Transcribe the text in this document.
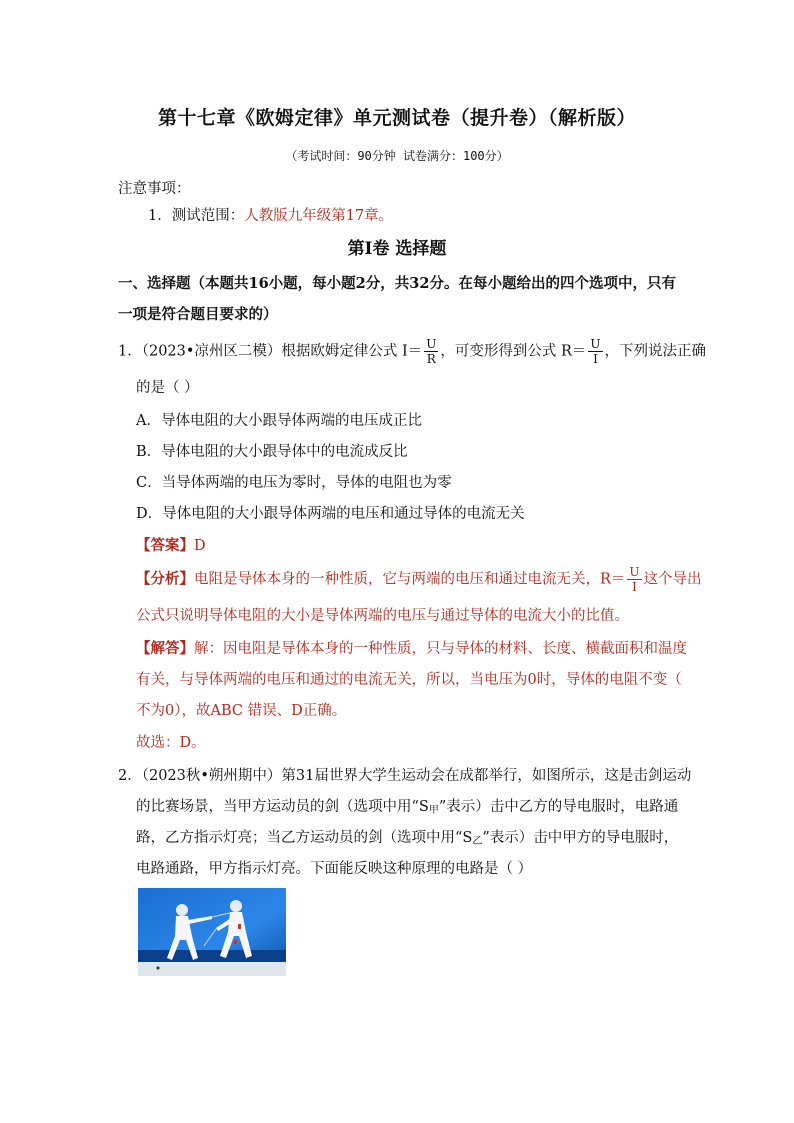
第十七章《欧姆定律》单元测试卷（提升卷）（解析版）
（考试时间：90分钟 试卷满分：100分）
注意事项：
1．测试范围：人教版九年级第17章。
第Ⅰ卷 选择题
一、选择题（本题共16小题，每小题2分，共32分。在每小题给出的四个选项中，只有
一项是符合题目要求的）
1．（2023•凉州区二模）根据欧姆定律公式 $I= \frac{U}{R}$ ，可变形得到公式 $R= \frac{U}{I}$ ，下列说法正确
的是（ ）
A．导体电阻的大小跟导体两端的电压成正比
B．导体电阻的大小跟导体中的电流成反比
C．当导体两端的电压为零时，导体的电阻也为零
D．导体电阻的大小跟导体两端的电压和通过导体的电流无关
【答案】D
【分析】电阻是导体本身的一种性质，它与两端的电压和通过电流无关，$R= \frac{U}{I}$ 这个导出
公式只说明导体电阻的大小是导体两端的电压与通过导体的电流大小的比值。
【解答】解：因电阻是导体本身的一种性质，只与导体的材料、长度、横截面积和温度
有关，与导体两端的电压和通过的电流无关，所以，当电压为0时，导体的电阻不变（
不为0），故ABC 错误、D正确。
故选：D。
2．（2023秋•朔州期中）第31届世界大学生运动会在成都举行，如图所示，这是击剑运动
的比赛场景，当甲方运动员的剑（选项中用“$S_甲$”表示）击中乙方的导电服时，电路通
路，乙方指示灯亮；当乙方运动员的剑（选项中用“$S_乙$”表示）击中甲方的导电服时，
电路通路，甲方指示灯亮。下面能反映这种原理的电路是（ ）
